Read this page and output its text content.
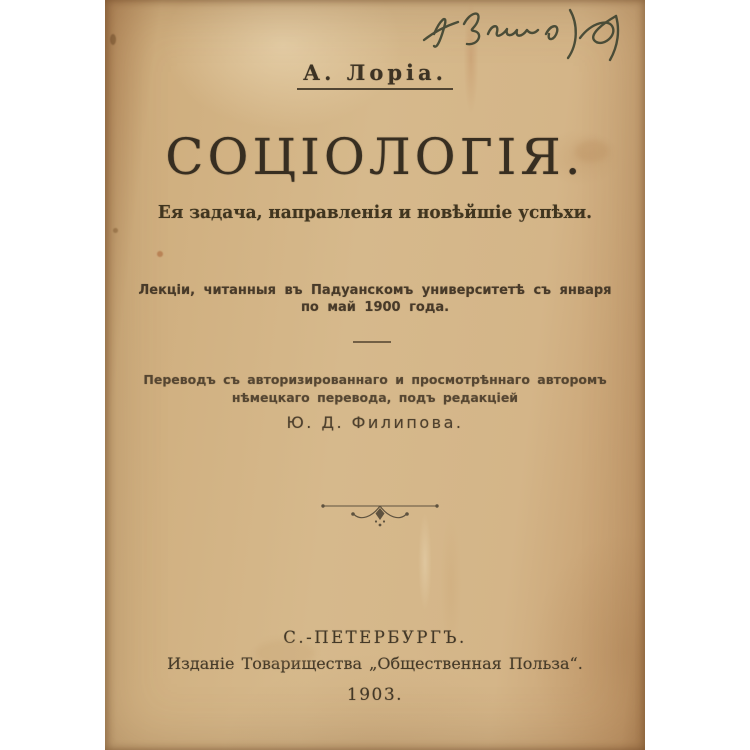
А. Лоріа.
СОЦІОЛОГІЯ.
Ея задача, направленія и новѣйшіе успѣхи.
Лекціи, читанныя въ Падуанскомъ университетѣ съ января
по май 1900 года.
Переводъ съ авторизированнаго и просмотрѣннаго авторомъ
нѣмецкаго перевода, подъ редакціей
Ю. Д. Филипова.
С.-ПЕТЕРБУРГЪ.
Изданіе Товарищества „Общественная Польза“.
1903.
